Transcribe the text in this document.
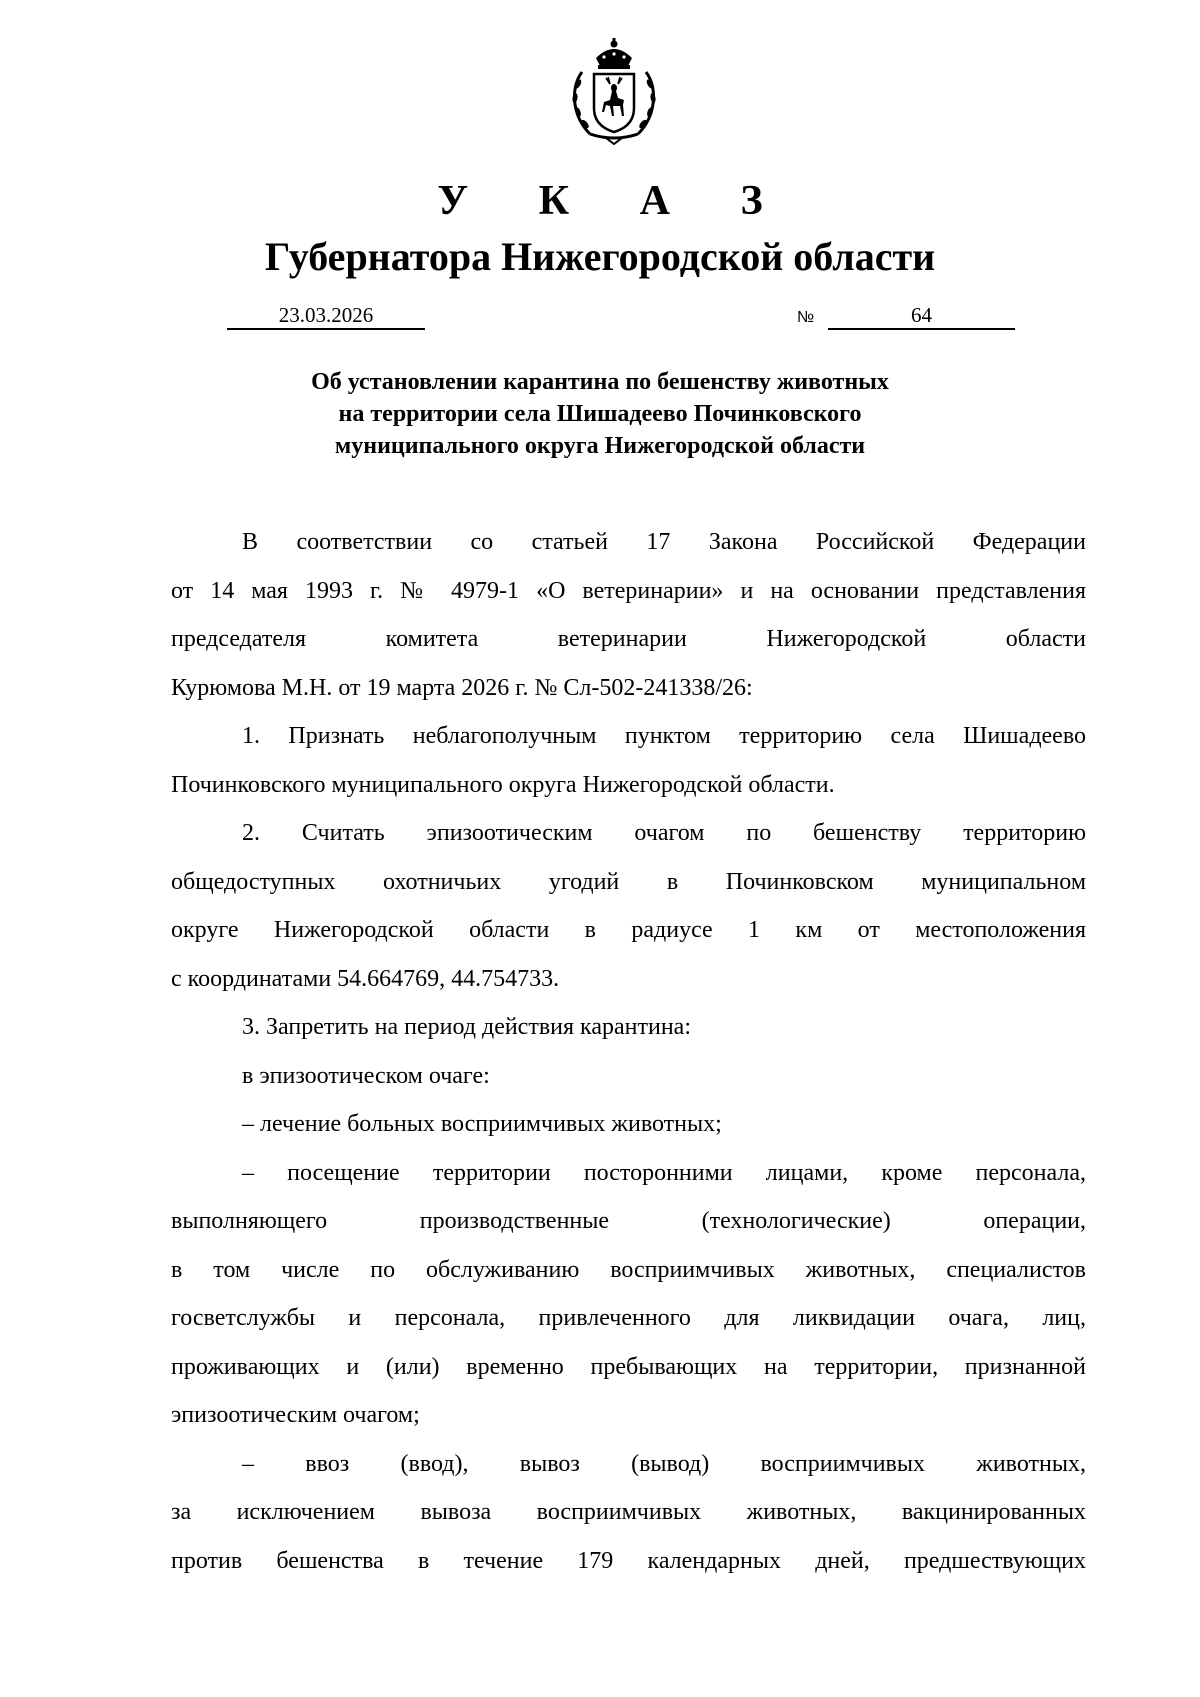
У К А З
Губернатора Нижегородской области
23.03.2026	№	64
Об установлении карантина по бешенству животных
на территории села Шишадеево Починковского
муниципального округа Нижегородской области
В соответствии со статьей 17 Закона Российской Федерации
от 14 мая 1993 г. № 4979-1 «О ветеринарии» и на основании представления
председателя комитета ветеринарии Нижегородской области
Курюмова М.Н. от 19 марта 2026 г. № Сл-502-241338/26:
1. Признать неблагополучным пунктом территорию села Шишадеево
Починковского муниципального округа Нижегородской области.
2. Считать эпизоотическим очагом по бешенству территорию
общедоступных охотничьих угодий в Починковском муниципальном
округе Нижегородской области в радиусе 1 км от местоположения
с координатами 54.664769, 44.754733.
3. Запретить на период действия карантина:
в эпизоотическом очаге:
– лечение больных восприимчивых животных;
– посещение территории посторонними лицами, кроме персонала,
выполняющего производственные (технологические) операции,
в том числе по обслуживанию восприимчивых животных, специалистов
госветслужбы и персонала, привлеченного для ликвидации очага, лиц,
проживающих и (или) временно пребывающих на территории, признанной
эпизоотическим очагом;
– ввоз (ввод), вывоз (вывод) восприимчивых животных,
за исключением вывоза восприимчивых животных, вакцинированных
против бешенства в течение 179 календарных дней, предшествующих
